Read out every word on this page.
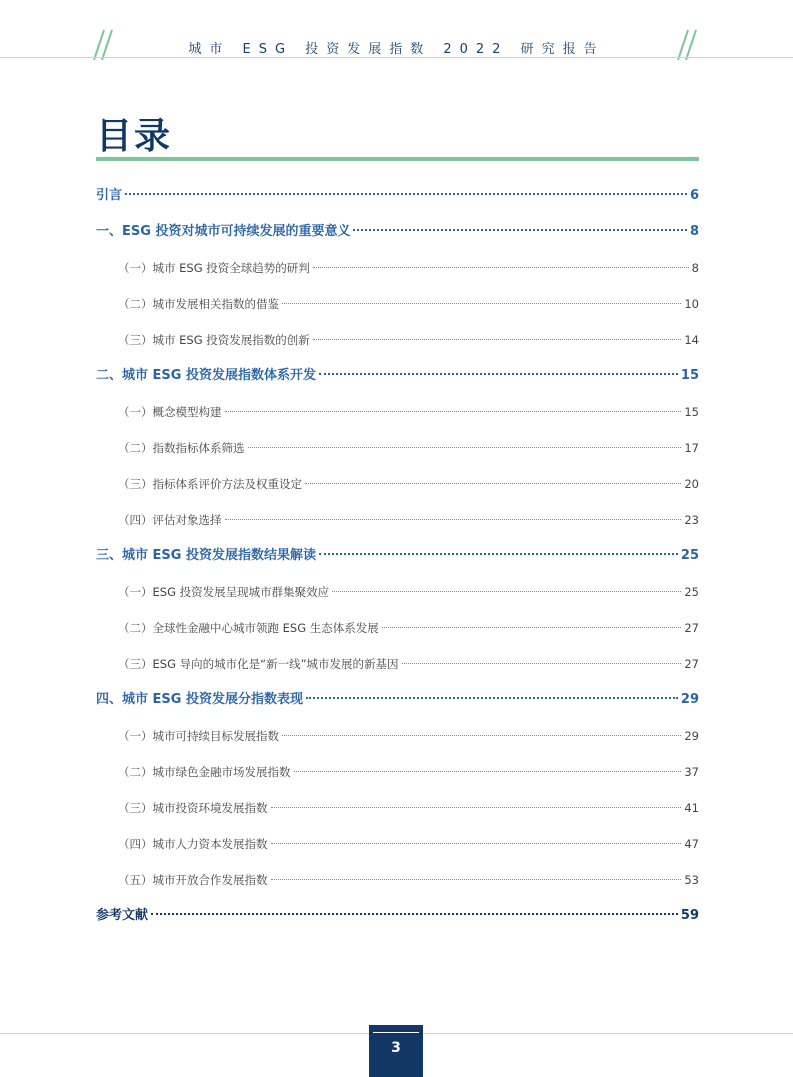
城市 ESG 投资发展指数 2022 研究报告
目录
引言	6
一、ESG 投资对城市可持续发展的重要意义	8
（一）城市 ESG 投资全球趋势的研判	8
（二）城市发展相关指数的借鉴	10
（三）城市 ESG 投资发展指数的创新	14
二、城市 ESG 投资发展指数体系开发	15
（一）概念模型构建	15
（二）指数指标体系筛选	17
（三）指标体系评价方法及权重设定	20
（四）评估对象选择	23
三、城市 ESG 投资发展指数结果解读	25
（一）ESG 投资发展呈现城市群集聚效应	25
（二）全球性金融中心城市领跑 ESG 生态体系发展	27
（三）ESG 导向的城市化是“新一线”城市发展的新基因	27
四、城市 ESG 投资发展分指数表现	29
（一）城市可持续目标发展指数	29
（二）城市绿色金融市场发展指数	37
（三）城市投资环境发展指数	41
（四）城市人力资本发展指数	47
（五）城市开放合作发展指数	53
参考文献	59
3
